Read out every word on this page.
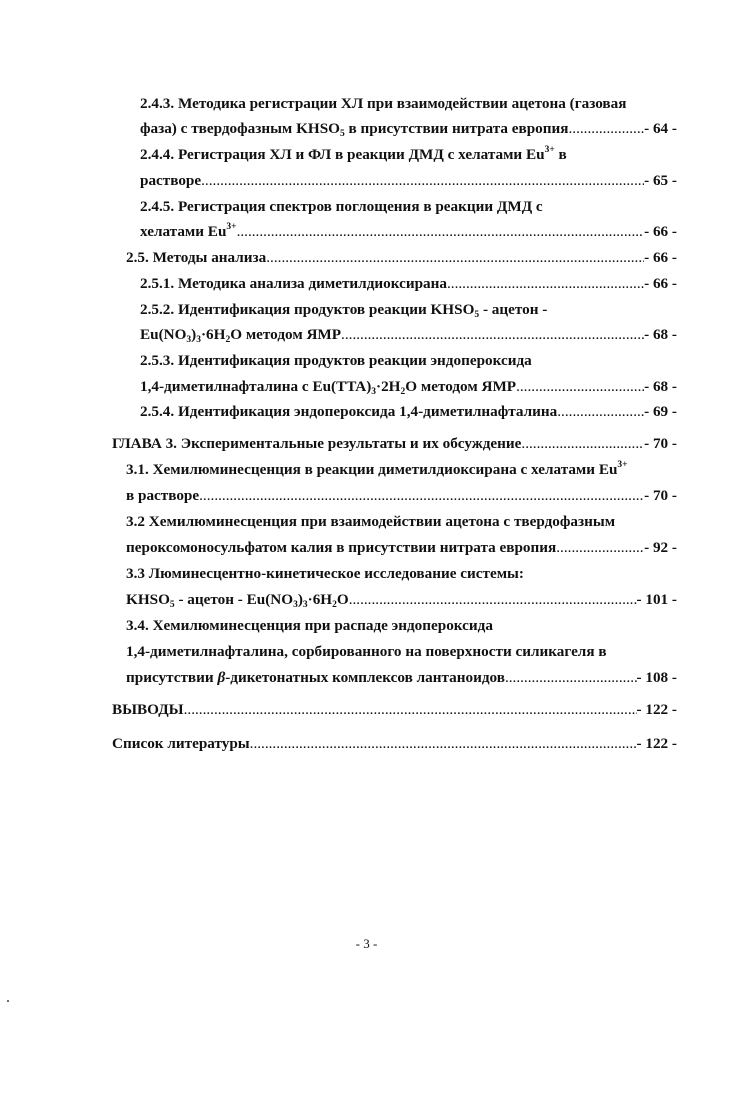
2.4.3. Методика регистрации ХЛ при взаимодействии ацетона (газовая
фаза) с твердофазным $KHSO_5$ в присутствии нитрата европия .....	- 64 -
2.4.4. Регистрация ХЛ и ФЛ в реакции ДМД с хелатами $Eu^{3+}$ в
растворе .....	- 65 -
2.4.5. Регистрация спектров поглощения в реакции ДМД с
хелатами $Eu^{3+}$ .....	- 66 -
2.5. Методы анализа .....	- 66 -
2.5.1. Методика анализа диметилдиоксирана .....	- 66 -
2.5.2. Идентификация продуктов реакции $KHSO_5$ - ацетон -
$Eu(NO_3)_3\cdot 6H_2O$ методом ЯМР .....	- 68 -
2.5.3. Идентификация продуктов реакции эндопероксида
1,4-диметилнафталина с $Eu(TTA)_3\cdot 2H_2O$ методом ЯМР .....	- 68 -
2.5.4. Идентификация эндопероксида 1,4-диметилнафталина .....	- 69 -
ГЛАВА 3. Экспериментальные результаты и их обсуждение .....	- 70 -
3.1. Хемилюминесценция в реакции диметилдиоксирана с хелатами $Eu^{3+}$
в растворе .....	- 70 -
3.2 Хемилюминесценция при взаимодействии ацетона с твердофазным
пероксомоносульфатом калия в присутствии нитрата европия .....	- 92 -
3.3 Люминесцентно-кинетическое исследование системы:
$KHSO_5$ - ацетон - $Eu(NO_3)_3\cdot 6H_2O$ .....	- 101 -
3.4. Хемилюминесценция при распаде эндопероксида
1,4-диметилнафталина, сорбированного на поверхности силикагеля в
присутствии β-дикетонатных комплексов лантаноидов .....	- 108 -
ВЫВОДЫ .....	- 122 -
Список литературы .....	- 122 -
- 3 -
